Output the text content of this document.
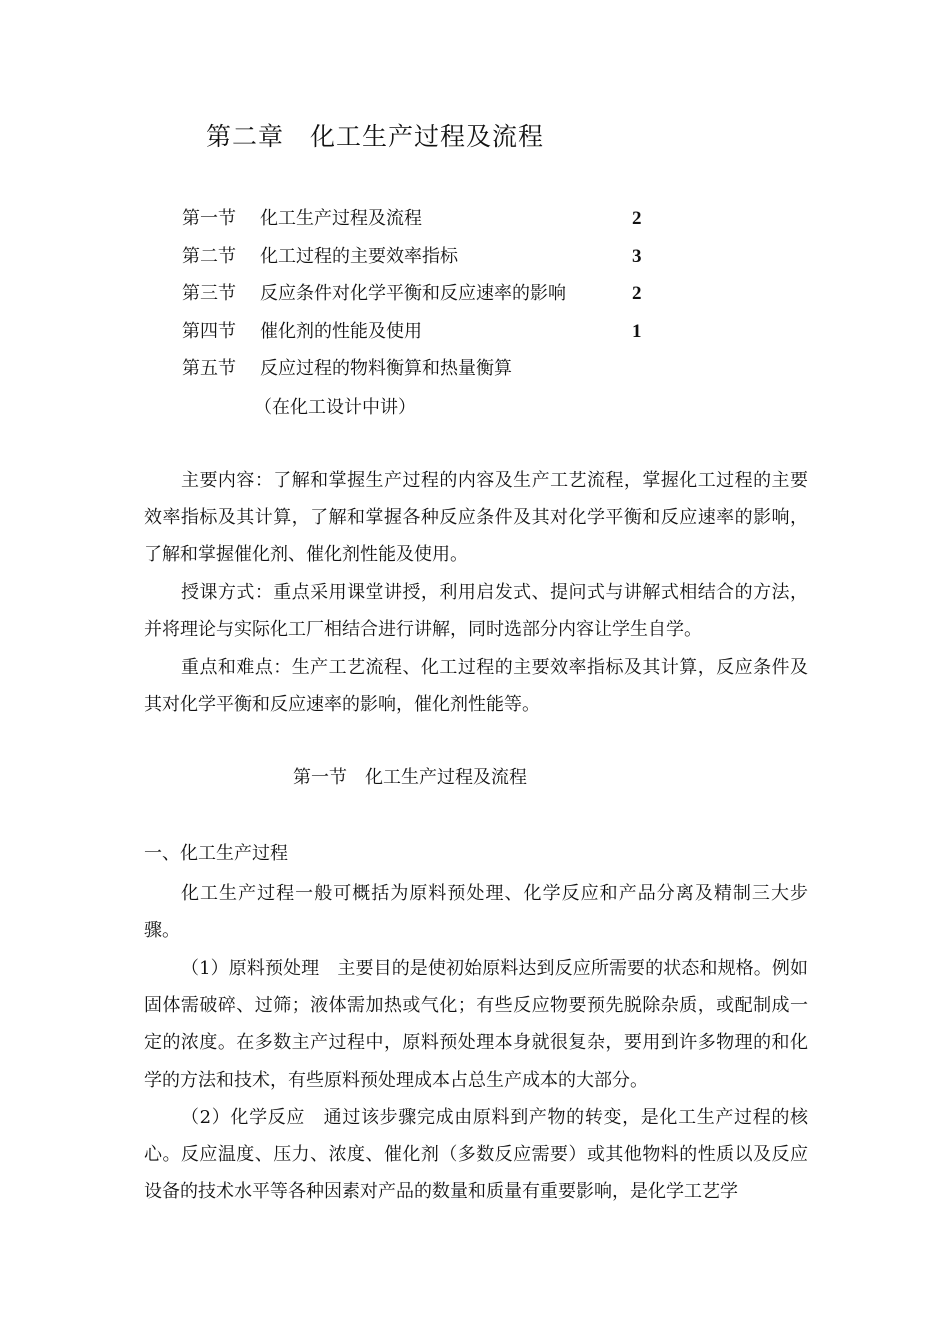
第二章　化工生产过程及流程
第一节 化工生产过程及流程	2
第二节 化工过程的主要效率指标	3
第三节 反应条件对化学平衡和反应速率的影响	2
第四节 催化剂的性能及使用	1
第五节 反应过程的物料衡算和热量衡算
（在化工设计中讲）

主要内容：了解和掌握生产过程的内容及生产工艺流程，掌握化工过程的主要效率指标及其计算，了解和掌握各种反应条件及其对化学平衡和反应速率的影响，了解和掌握催化剂、催化剂性能及使用。

授课方式：重点采用课堂讲授，利用启发式、提问式与讲解式相结合的方法，并将理论与实际化工厂相结合进行讲解，同时选部分内容让学生自学。

重点和难点：生产工艺流程、化工过程的主要效率指标及其计算，反应条件及其对化学平衡和反应速率的影响，催化剂性能等。

第一节　化工生产过程及流程
一、化工生产过程

化工生产过程一般可概括为原料预处理、化学反应和产品分离及精制三大步骤。

（1）原料预处理　主要目的是使初始原料达到反应所需要的状态和规格。例如固体需破碎、过筛；液体需加热或气化；有些反应物要预先脱除杂质，或配制成一定的浓度。在多数主产过程中，原料预处理本身就很复杂，要用到许多物理的和化学的方法和技术，有些原料预处理成本占总生产成本的大部分。

（2）化学反应　通过该步骤完成由原料到产物的转变，是化工生产过程的核心。反应温度、压力、浓度、催化剂（多数反应需要）或其他物料的性质以及反应设备的技术水平等各种因素对产品的数量和质量有重要影响，是化学工艺学
